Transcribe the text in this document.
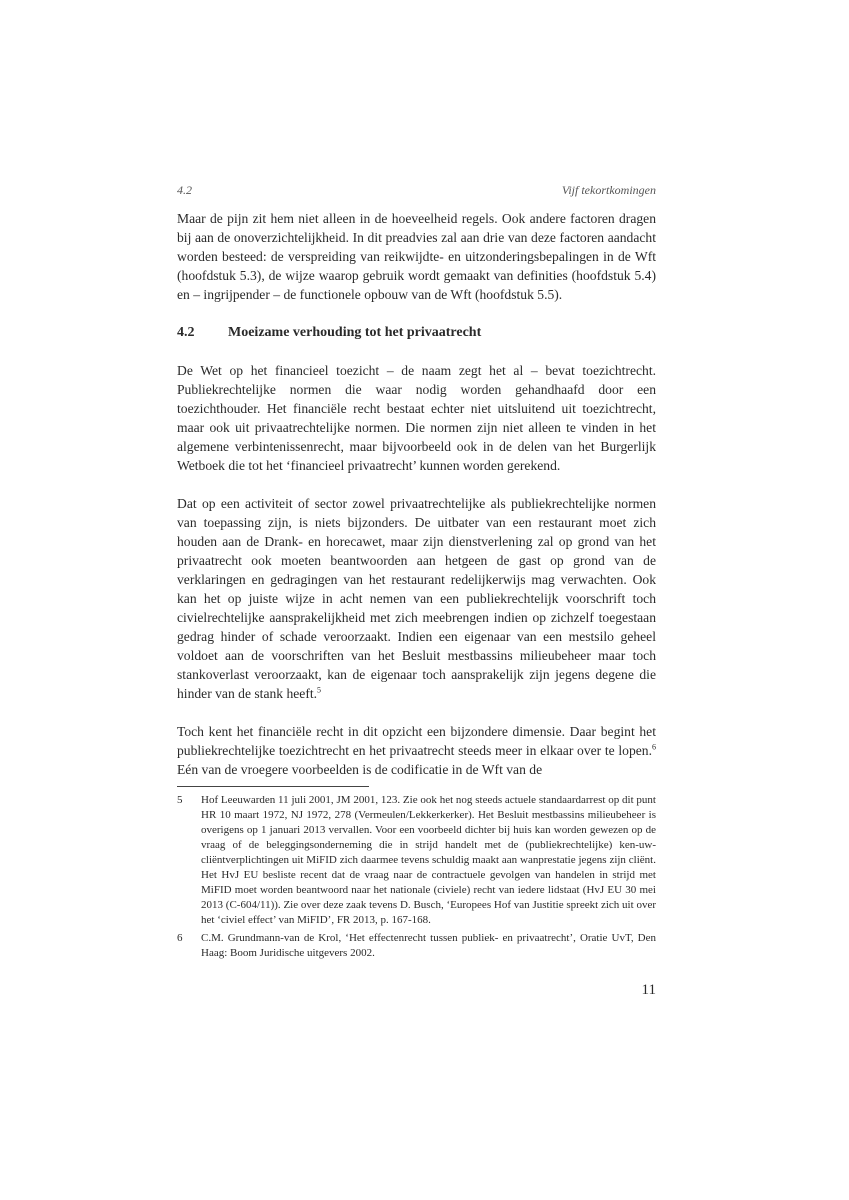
4.2	Vijf tekortkomingen

Maar de pijn zit hem niet alleen in de hoeveelheid regels. Ook andere factoren dragen bij aan de onoverzichtelijkheid. In dit preadvies zal aan drie van deze factoren aandacht worden besteed: de verspreiding van reikwijdte- en uitzonderingsbepalingen in de Wft (hoofdstuk 5.3), de wijze waarop gebruik wordt gemaakt van definities (hoofdstuk 5.4) en – ingrijpender – de functionele opbouw van de Wft (hoofdstuk 5.5).

4.2	Moeizame verhouding tot het privaatrecht

De Wet op het financieel toezicht – de naam zegt het al – bevat toezichtrecht. Publiekrechtelijke normen die waar nodig worden gehandhaafd door een toezichthouder. Het financiële recht bestaat echter niet uitsluitend uit toezichtrecht, maar ook uit privaatrechtelijke normen. Die normen zijn niet alleen te vinden in het algemene verbintenissenrecht, maar bijvoorbeeld ook in de delen van het Burgerlijk Wetboek die tot het ‘financieel privaatrecht’ kunnen worden gerekend.

Dat op een activiteit of sector zowel privaatrechtelijke als publiekrechtelijke normen van toepassing zijn, is niets bijzonders. De uitbater van een restaurant moet zich houden aan de Drank- en horecawet, maar zijn dienstverlening zal op grond van het privaatrecht ook moeten beantwoorden aan hetgeen de gast op grond van de verklaringen en gedragingen van het restaurant redelijkerwijs mag verwachten. Ook kan het op juiste wijze in acht nemen van een publiekrechtelijk voorschrift toch civielrechtelijke aansprakelijkheid met zich meebrengen indien op zichzelf toegestaan gedrag hinder of schade veroorzaakt. Indien een eigenaar van een mestsilo geheel voldoet aan de voorschriften van het Besluit mestbassins milieubeheer maar toch stankoverlast veroorzaakt, kan de eigenaar toch aansprakelijk zijn jegens degene die hinder van de stank heeft.$^5$

Toch kent het financiële recht in dit opzicht een bijzondere dimensie. Daar begint het publiekrechtelijke toezichtrecht en het privaatrecht steeds meer in elkaar over te lopen.$^6$ Eén van de vroegere voorbeelden is de codificatie in de Wft van de

5	Hof Leeuwarden 11 juli 2001, JM 2001, 123. Zie ook het nog steeds actuele standaardarrest op dit punt HR 10 maart 1972, NJ 1972, 278 (Vermeulen/Lekkerkerker). Het Besluit mestbassins milieubeheer is overigens op 1 januari 2013 vervallen. Voor een voorbeeld dichter bij huis kan worden gewezen op de vraag of de beleggingsonderneming die in strijd handelt met de (publiekrechtelijke) ken-uw-cliëntverplichtingen uit MiFID zich daarmee tevens schuldig maakt aan wanprestatie jegens zijn cliënt. Het HvJ EU besliste recent dat de vraag naar de contractuele gevolgen van handelen in strijd met MiFID moet worden beantwoord naar het nationale (civiele) recht van iedere lidstaat (HvJ EU 30 mei 2013 (C-604/11)). Zie over deze zaak tevens D. Busch, ‘Europees Hof van Justitie spreekt zich uit over het ‘civiel effect’ van MiFID’, FR 2013, p. 167-168.
6	C.M. Grundmann-van de Krol, ‘Het effectenrecht tussen publiek- en privaatrecht’, Oratie UvT, Den Haag: Boom Juridische uitgevers 2002.
11
